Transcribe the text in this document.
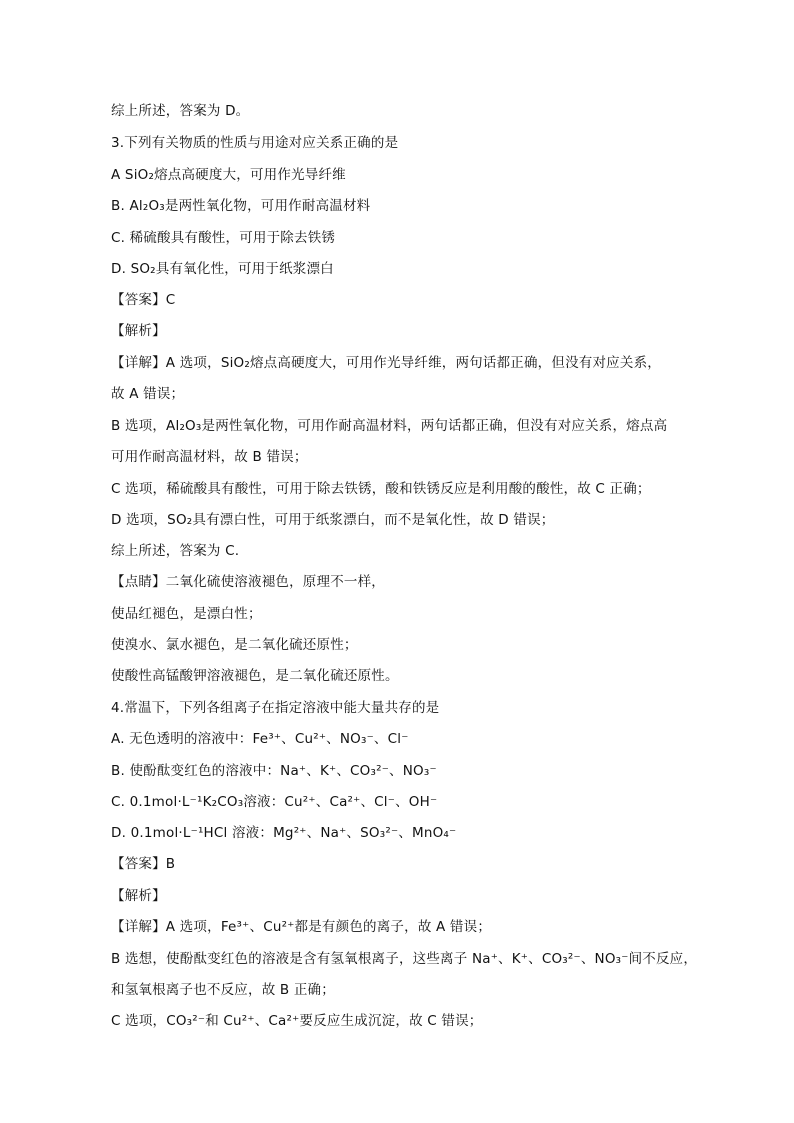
综上所述，答案为 D。
3.下列有关物质的性质与用途对应关系正确的是
A SiO₂熔点高硬度大，可用作光导纤维
B. Al₂O₃是两性氧化物，可用作耐高温材料
C. 稀硫酸具有酸性，可用于除去铁锈
D. SO₂具有氧化性，可用于纸浆漂白
【答案】C
【解析】
【详解】A 选项，SiO₂熔点高硬度大，可用作光导纤维，两句话都正确，但没有对应关系，
故 A 错误；
B 选项，Al₂O₃是两性氧化物，可用作耐高温材料，两句话都正确，但没有对应关系，熔点高
可用作耐高温材料，故 B 错误；
C 选项，稀硫酸具有酸性，可用于除去铁锈，酸和铁锈反应是利用酸的酸性，故 C 正确；
D 选项，SO₂具有漂白性，可用于纸浆漂白，而不是氧化性，故 D 错误；
综上所述，答案为 C.
【点睛】二氧化硫使溶液褪色，原理不一样，
使品红褪色，是漂白性；
使溴水、氯水褪色，是二氧化硫还原性；
使酸性高锰酸钾溶液褪色，是二氧化硫还原性。
4.常温下，下列各组离子在指定溶液中能大量共存的是
A. 无色透明的溶液中：Fe³⁺、Cu²⁺、NO₃⁻、Cl⁻
B. 使酚酞变红色的溶液中：Na⁺、K⁺、CO₃²⁻、NO₃⁻
C. 0.1mol·L⁻¹K₂CO₃溶液：Cu²⁺、Ca²⁺、Cl⁻、OH⁻
D. 0.1mol·L⁻¹HCl 溶液：Mg²⁺、Na⁺、SO₃²⁻、MnO₄⁻
【答案】B
【解析】
【详解】A 选项，Fe³⁺、Cu²⁺都是有颜色的离子，故 A 错误；
B 选想，使酚酞变红色的溶液是含有氢氧根离子，这些离子 Na⁺、K⁺、CO₃²⁻、NO₃⁻间不反应，
和氢氧根离子也不反应，故 B 正确；
C 选项，CO₃²⁻和 Cu²⁺、Ca²⁺要反应生成沉淀，故 C 错误；
